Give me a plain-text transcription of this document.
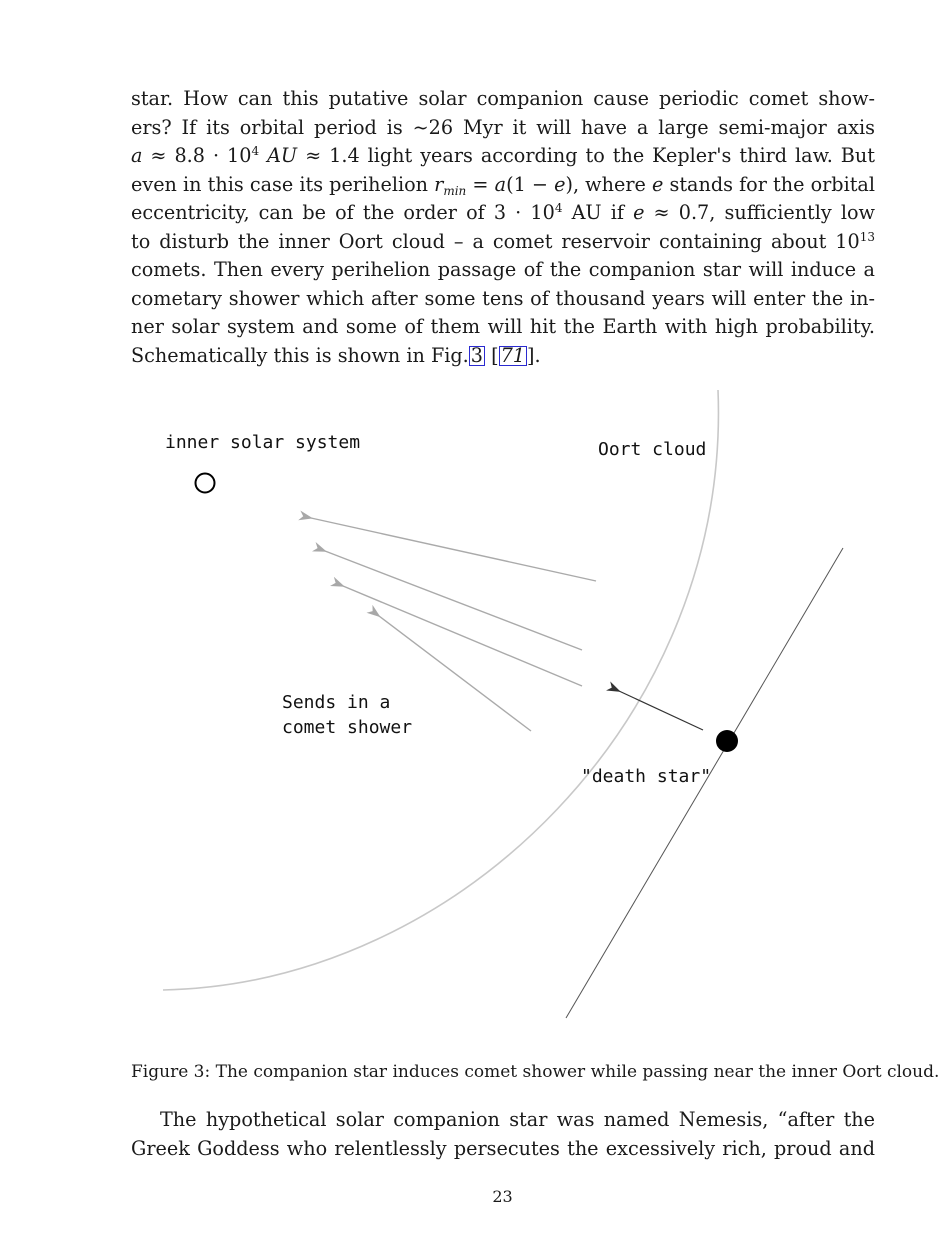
star. How can this putative solar companion cause periodic comet show-
ers? If its orbital period is ∼26 Myr it will have a large semi-major axis
$a \approx 8.8 \cdot 10^4$ AU ≈ 1.4 light years according to the Kepler's third law. But
even in this case its perihelion $r_{min} = a(1 - e)$, where e stands for the orbital
eccentricity, can be of the order of $3 \cdot 10^4$ AU if e ≈ 0.7, sufficiently low
to disturb the inner Oort cloud – a comet reservoir containing about $10^{13}$
comets. Then every perihelion passage of the companion star will induce a
cometary shower which after some tens of thousand years will enter the in-
ner solar system and some of them will hit the Earth with high probability.
Schematically this is shown in Fig. 3 [ 71 ].
inner solar system	Oort cloud
Sends in a
comet shower
"death star"
Figure 3: The companion star induces comet shower while passing near the inner Oort cloud.
The hypothetical solar companion star was named Nemesis, “after the
Greek Goddess who relentlessly persecutes the excessively rich, proud and
23
